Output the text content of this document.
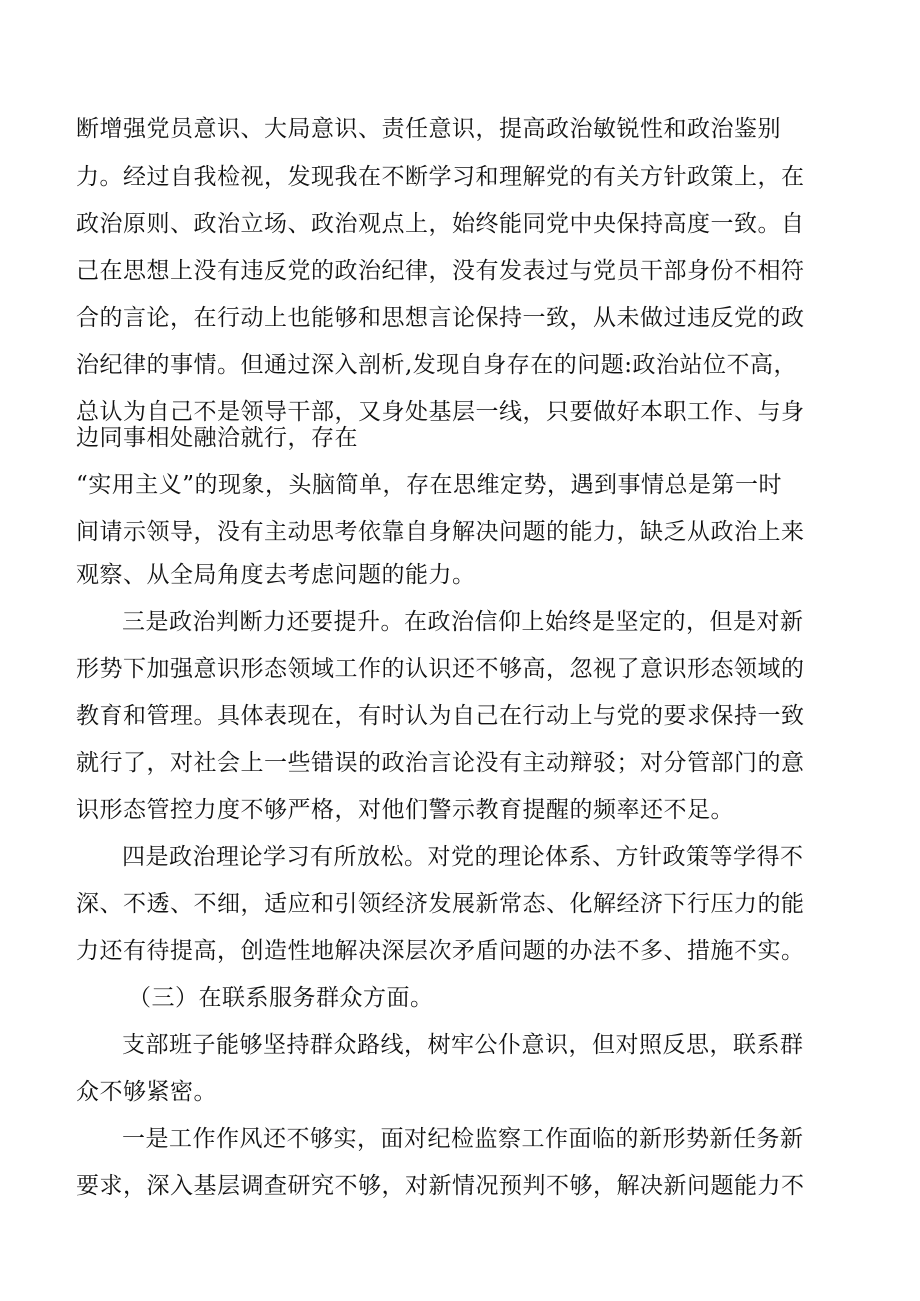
断增强党员意识、大局意识、责任意识，提高政治敏锐性和政治鉴别
力。经过自我检视，发现我在不断学习和理解党的有关方针政策上，在
政治原则、政治立场、政治观点上，始终能同党中央保持高度一致。自
己在思想上没有违反党的政治纪律，没有发表过与党员干部身份不相符
合的言论，在行动上也能够和思想言论保持一致，从未做过违反党的政
治纪律的事情。但通过深入剖析,发现自身存在的问题:政治站位不高，
总认为自己不是领导干部，又身处基层一线，只要做好本职工作、与身
边同事相处融洽就行，存在
“实用主义”的现象，头脑简单，存在思维定势，遇到事情总是第一时
间请示领导，没有主动思考依靠自身解决问题的能力，缺乏从政治上来
观察、从全局角度去考虑问题的能力。
三是政治判断力还要提升。在政治信仰上始终是坚定的，但是对新
形势下加强意识形态领域工作的认识还不够高，忽视了意识形态领域的
教育和管理。具体表现在，有时认为自己在行动上与党的要求保持一致
就行了，对社会上一些错误的政治言论没有主动辩驳；对分管部门的意
识形态管控力度不够严格，对他们警示教育提醒的频率还不足。
四是政治理论学习有所放松。对党的理论体系、方针政策等学得不
深、不透、不细，适应和引领经济发展新常态、化解经济下行压力的能
力还有待提高，创造性地解决深层次矛盾问题的办法不多、措施不实。
（三）在联系服务群众方面。
支部班子能够坚持群众路线，树牢公仆意识，但对照反思，联系群
众不够紧密。
一是工作作风还不够实，面对纪检监察工作面临的新形势新任务新
要求，深入基层调查研究不够，对新情况预判不够，解决新问题能力不
